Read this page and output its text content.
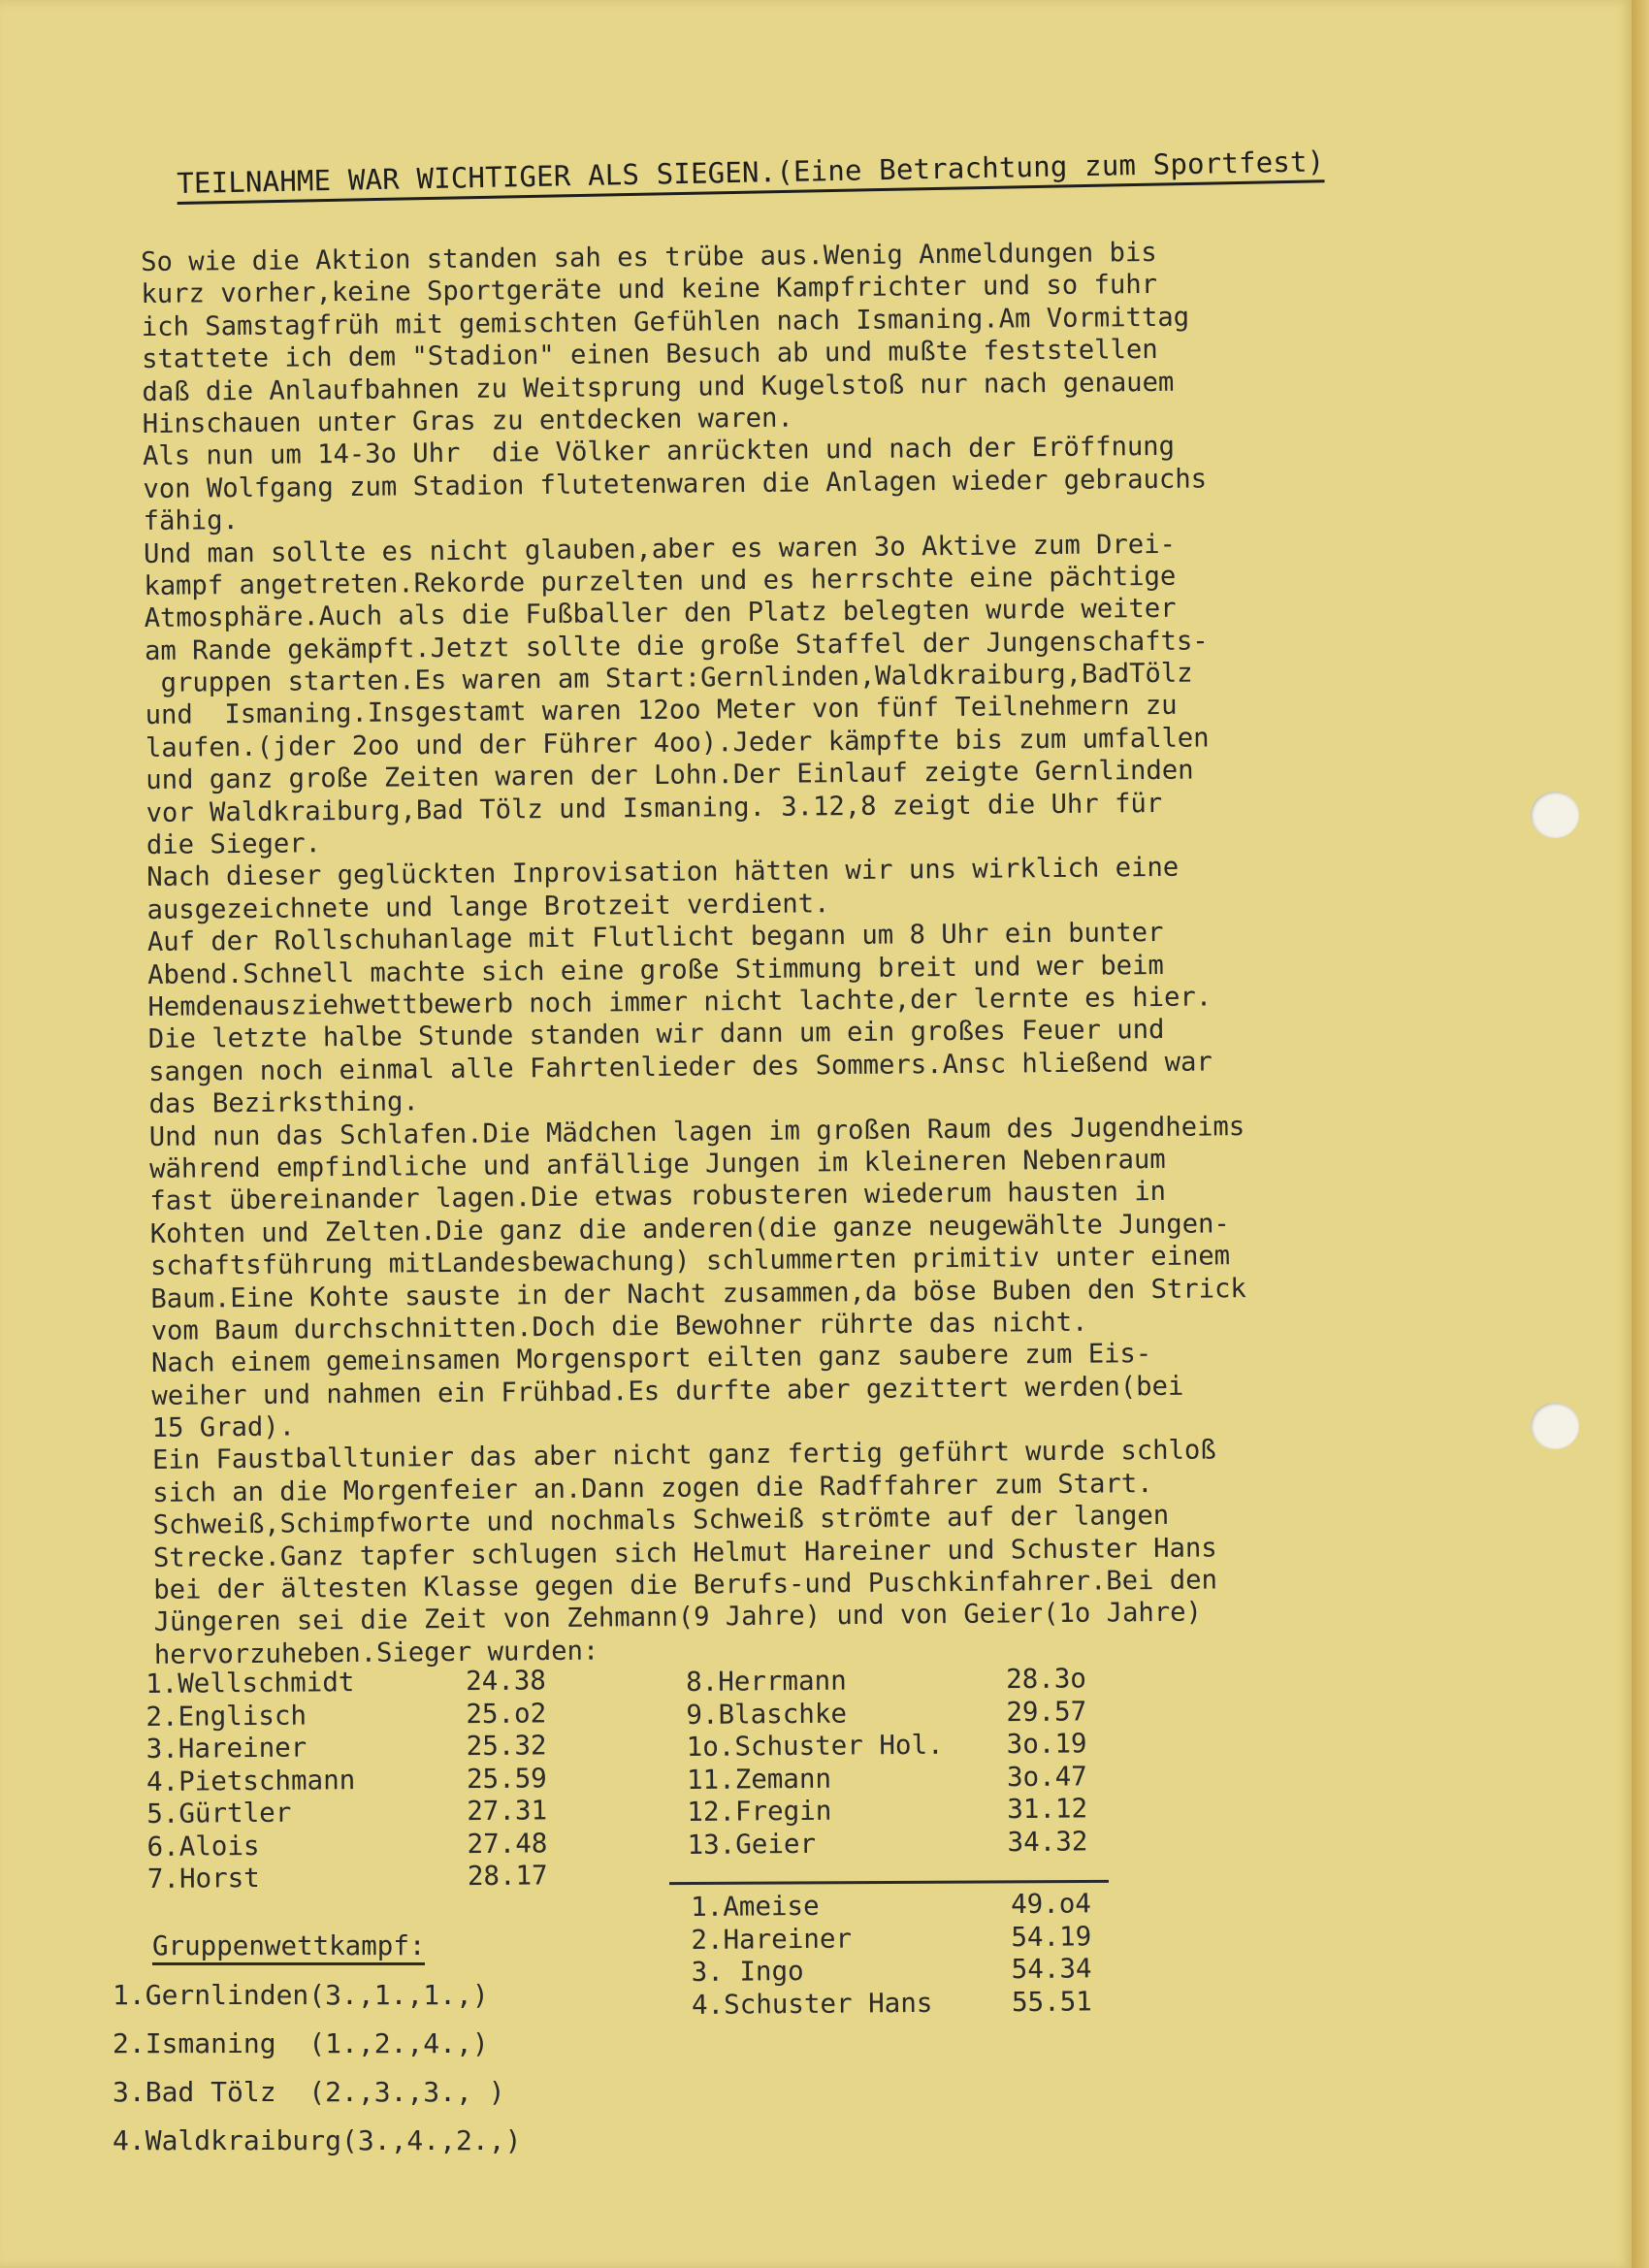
TEILNAHME WAR WICHTIGER ALS SIEGEN.(Eine Betrachtung zum Sportfest)
So wie die Aktion standen sah es trübe aus.Wenig Anmeldungen bis
kurz vorher,keine Sportgeräte und keine Kampfrichter und so fuhr
ich Samstagfrüh mit gemischten Gefühlen nach Ismaning.Am Vormittag
stattete ich dem "Stadion" einen Besuch ab und mußte feststellen
daß die Anlaufbahnen zu Weitsprung und Kugelstoß nur nach genauem
Hinschauen unter Gras zu entdecken waren.
Als nun um 14-3o Uhr  die Völker anrückten und nach der Eröffnung
von Wolfgang zum Stadion flutetenwaren die Anlagen wieder gebrauchs
fähig.
Und man sollte es nicht glauben,aber es waren 3o Aktive zum Drei-
kampf angetreten.Rekorde purzelten und es herrschte eine pächtige
Atmosphäre.Auch als die Fußballer den Platz belegten wurde weiter
am Rande gekämpft.Jetzt sollte die große Staffel der Jungenschafts-
gruppen starten.Es waren am Start:Gernlinden,Waldkraiburg,BadTölz
und  Ismaning.Insgestamt waren 12oo Meter von fünf Teilnehmern zu
laufen.(jder 2oo und der Führer 4oo).Jeder kämpfte bis zum umfallen
und ganz große Zeiten waren der Lohn.Der Einlauf zeigte Gernlinden
vor Waldkraiburg,Bad Tölz und Ismaning. 3.12,8 zeigt die Uhr für
die Sieger.
Nach dieser geglückten Inprovisation hätten wir uns wirklich eine
ausgezeichnete und lange Brotzeit verdient.
Auf der Rollschuhanlage mit Flutlicht begann um 8 Uhr ein bunter
Abend.Schnell machte sich eine große Stimmung breit und wer beim
Hemdenausziehwettbewerb noch immer nicht lachte,der lernte es hier.
Die letzte halbe Stunde standen wir dann um ein großes Feuer und
sangen noch einmal alle Fahrtenlieder des Sommers.Ansc hließend war
das Bezirksthing.
Und nun das Schlafen.Die Mädchen lagen im großen Raum des Jugendheims
während empfindliche und anfällige Jungen im kleineren Nebenraum
fast übereinander lagen.Die etwas robusteren wiederum hausten in
Kohten und Zelten.Die ganz die anderen(die ganze neugewählte Jungen-
schaftsführung mitLandesbewachung) schlummerten primitiv unter einem
Baum.Eine Kohte sauste in der Nacht zusammen,da böse Buben den Strick
vom Baum durchschnitten.Doch die Bewohner rührte das nicht.
Nach einem gemeinsamen Morgensport eilten ganz saubere zum Eis-
weiher und nahmen ein Frühbad.Es durfte aber gezittert werden(bei
15 Grad).
Ein Faustballtunier das aber nicht ganz fertig geführt wurde schloß
sich an die Morgenfeier an.Dann zogen die Radffahrer zum Start.
Schweiß,Schimpfworte und nochmals Schweiß strömte auf der langen
Strecke.Ganz tapfer schlugen sich Helmut Hareiner und Schuster Hans
bei der ältesten Klasse gegen die Berufs-und Puschkinfahrer.Bei den
Jüngeren sei die Zeit von Zehmann(9 Jahre) und von Geier(1o Jahre)
hervorzuheben.Sieger wurden:
1.Wellschmidt	24.38
2.Englisch	25.o2
3.Hareiner	25.32
4.Pietschmann	25.59
5.Gürtler	27.31
6.Alois	27.48
7.Horst	28.17
8.Herrmann	28.3o
9.Blaschke	29.57
1o.Schuster Hol.	3o.19
11.Zemann	3o.47
12.Fregin	31.12
13.Geier	34.32
1.Ameise	49.o4
2.Hareiner	54.19
3. Ingo	54.34
4.Schuster Hans	55.51
Gruppenwettkampf:
1.Gernlinden(3.,1.,1.,)
2.Ismaning  (1.,2.,4.,)
3.Bad Tölz  (2.,3.,3., )
4.Waldkraiburg(3.,4.,2.,)
